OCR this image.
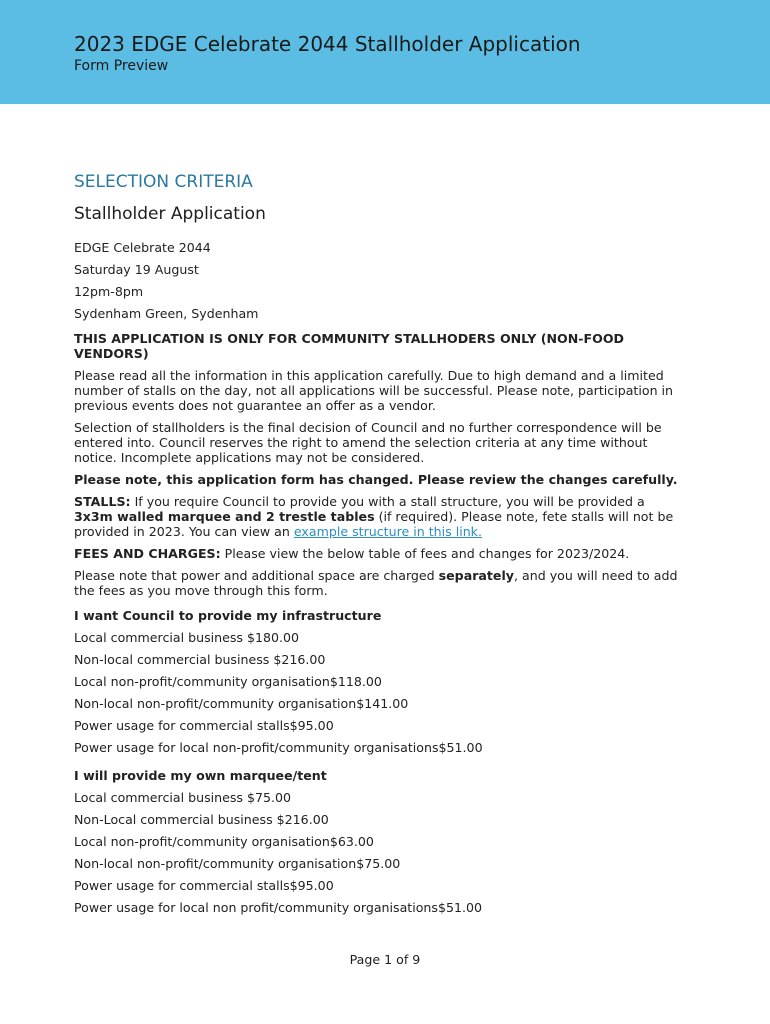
2023 EDGE Celebrate 2044 Stallholder Application
Form Preview
SELECTION CRITERIA
Stallholder Application
EDGE Celebrate 2044
Saturday 19 August
12pm-8pm
Sydenham Green, Sydenham
THIS APPLICATION IS ONLY FOR COMMUNITY STALLHODERS ONLY (NON-FOOD VENDORS)
Please read all the information in this application carefully. Due to high demand and a limited number of stalls on the day, not all applications will be successful. Please note, participation in previous events does not guarantee an offer as a vendor.
Selection of stallholders is the final decision of Council and no further correspondence will be entered into. Council reserves the right to amend the selection criteria at any time without notice. Incomplete applications may not be considered.
Please note, this application form has changed. Please review the changes carefully.
STALLS: If you require Council to provide you with a stall structure, you will be provided a 3x3m walled marquee and 2 trestle tables (if required). Please note, fete stalls will not be provided in 2023. You can view an example structure in this link.
FEES AND CHARGES: Please view the below table of fees and changes for 2023/2024.
Please note that power and additional space are charged separately, and you will need to add the fees as you move through this form.
I want Council to provide my infrastructure
Local commercial business $180.00
Non-local commercial business $216.00
Local non-profit/community organisation$118.00
Non-local non-profit/community organisation$141.00
Power usage for commercial stalls$95.00
Power usage for local non-profit/community organisations$51.00
I will provide my own marquee/tent
Local commercial business $75.00
Non-Local commercial business $216.00
Local non-profit/community organisation$63.00
Non-local non-profit/community organisation$75.00
Power usage for commercial stalls$95.00
Power usage for local non profit/community organisations$51.00
Page 1 of 9
